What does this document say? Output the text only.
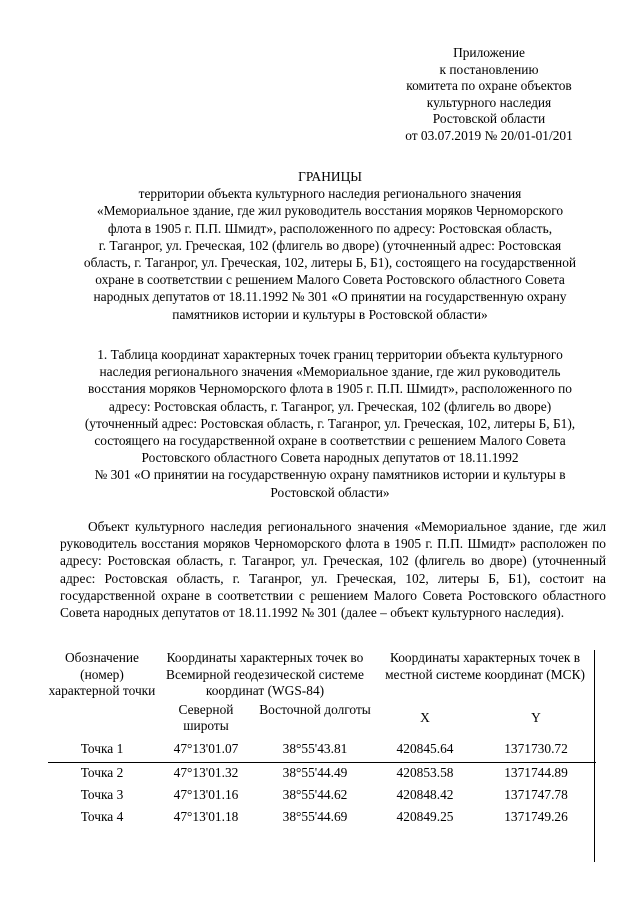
Приложение
к постановлению
комитета по охране объектов
культурного наследия
Ростовской области
от 03.07.2019 № 20/01-01/201
ГРАНИЦЫ
территории объекта культурного наследия регионального значения
«Мемориальное здание, где жил руководитель восстания моряков Черноморского
флота в 1905 г. П.П. Шмидт», расположенного по адресу: Ростовская область,
г. Таганрог, ул. Греческая, 102 (флигель во дворе) (уточненный адрес: Ростовская
область, г. Таганрог, ул. Греческая, 102, литеры Б, Б1), состоящего на государственной
охране в соответствии с решением Малого Совета Ростовского областного Совета
народных депутатов от 18.11.1992 № 301 «О принятии на государственную охрану
памятников истории и культуры в Ростовской области»
1. Таблица координат характерных точек границ территории объекта культурного
наследия регионального значения «Мемориальное здание, где жил руководитель
восстания моряков Черноморского флота в 1905 г. П.П. Шмидт», расположенного по
адресу: Ростовская область, г. Таганрог, ул. Греческая, 102 (флигель во дворе)
(уточненный адрес: Ростовская область, г. Таганрог, ул. Греческая, 102, литеры Б, Б1),
состоящего на государственной охране в соответствии с решением Малого Совета
Ростовского областного Совета народных депутатов от 18.11.1992
№ 301 «О принятии на государственную охрану памятников истории и культуры в
Ростовской области»
Объект культурного наследия регионального значения «Мемориальное здание, где жил руководитель восстания моряков Черноморского флота в 1905 г. П.П. Шмидт» расположен по адресу: Ростовская область, г. Таганрог, ул. Греческая, 102 (флигель во дворе) (уточненный адрес: Ростовская область, г. Таганрог, ул. Греческая, 102, литеры Б, Б1), состоит на государственной охране в соответствии с решением Малого Совета Ростовского областного Совета народных депутатов от 18.11.1992 № 301 (далее – объект культурного наследия).
Обозначение (номер) характерной точки	Координаты характерных точек во Всемирной геодезической системе координат (WGS-84)		Координаты характерных точек в местной системе координат (МСК)	
	Северной широты	Восточной долготы	X	Y
Точка 1	47°13'01.07	38°55'43.81	420845.64	1371730.72
Точка 2	47°13'01.32	38°55'44.49	420853.58	1371744.89
Точка 3	47°13'01.16	38°55'44.62	420848.42	1371747.78
Точка 4	47°13'01.18	38°55'44.69	420849.25	1371749.26
